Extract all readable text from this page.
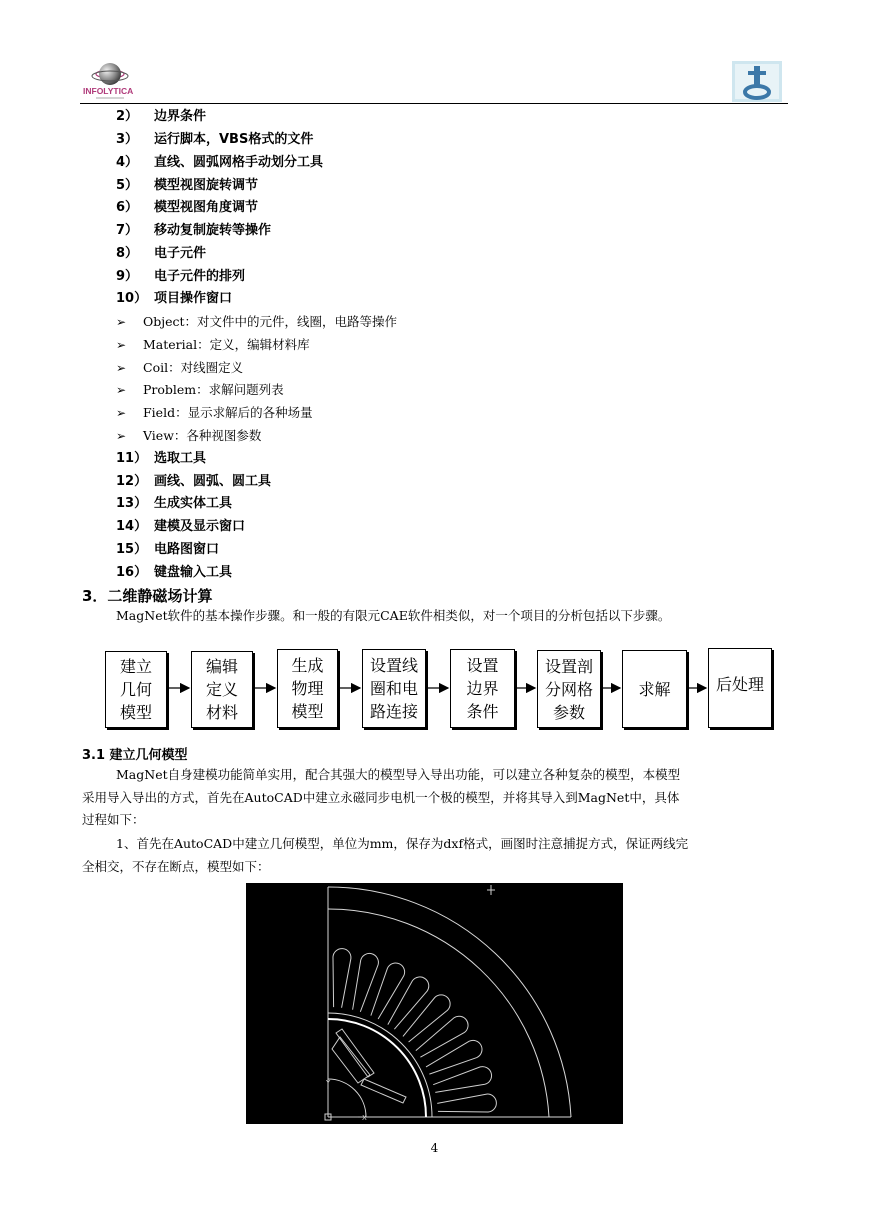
INFOLYTICA
2） 边界条件
3） 运行脚本，VBS格式的文件
4） 直线、圆弧网格手动划分工具
5） 模型视图旋转调节
6） 模型视图角度调节
7） 移动复制旋转等操作
8） 电子元件
9） 电子元件的排列
10） 项目操作窗口
➢ Object：对文件中的元件，线圈，电路等操作
➢ Material：定义，编辑材料库
➢ Coil：对线圈定义
➢ Problem：求解问题列表
➢ Field：显示求解后的各种场量
➢ View：各种视图参数
11） 选取工具
12） 画线、圆弧、圆工具
13） 生成实体工具
14） 建模及显示窗口
15） 电路图窗口
16） 键盘输入工具
3．二维静磁场计算
MagNet软件的基本操作步骤。和一般的有限元CAE软件相类似，对一个项目的分析包括以下步骤。
建立
几何
模型
编辑
定义
材料
生成
物理
模型
设置线
圈和电
路连接
设置
边界
条件
设置剖
分网格
参数
求解	后处理
3.1 建立几何模型
MagNet自身建模功能简单实用，配合其强大的模型导入导出功能，可以建立各种复杂的模型，本模型
采用导入导出的方式，首先在AutoCAD中建立永磁同步电机一个极的模型，并将其导入到MagNet中，具体
过程如下：
1、首先在AutoCAD中建立几何模型，单位为mm，保存为dxf格式，画图时注意捕捉方式，保证两线完
全相交，不存在断点，模型如下：
Y
X
4
